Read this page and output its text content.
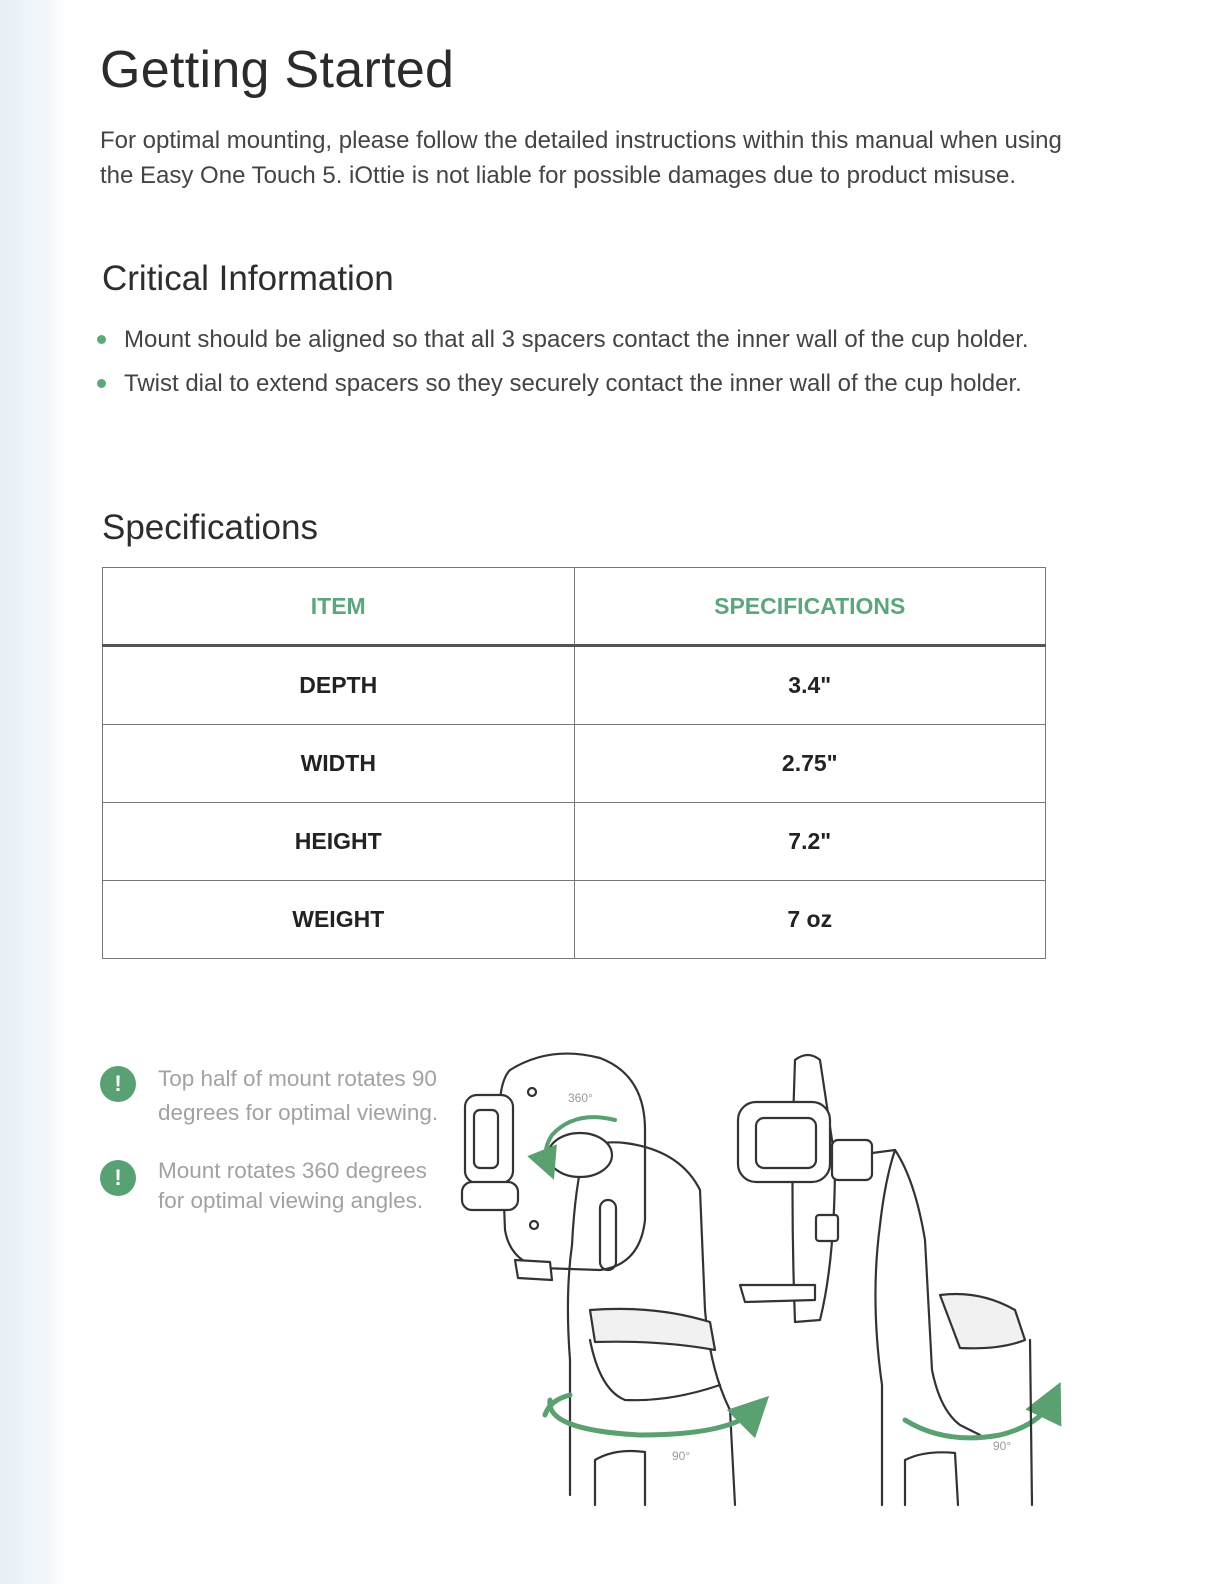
Getting Started

For optimal mounting, please follow the detailed instructions within this manual when using the Easy One Touch 5. iOttie is not liable for possible damages due to product misuse.

Critical Information
Mount should be aligned so that all 3 spacers contact the inner wall of the cup holder.
Twist dial to extend spacers so they securely contact the inner wall of the cup holder.
Specifications
ITEM	SPECIFICATIONS
DEPTH	3.4"
WIDTH	2.75"
HEIGHT	7.2"
WEIGHT	7 oz
!	Top half of mount rotates 90 degrees for optimal viewing.
!	Mount rotates 360 degrees for optimal viewing angles.
360°
90°
90°
